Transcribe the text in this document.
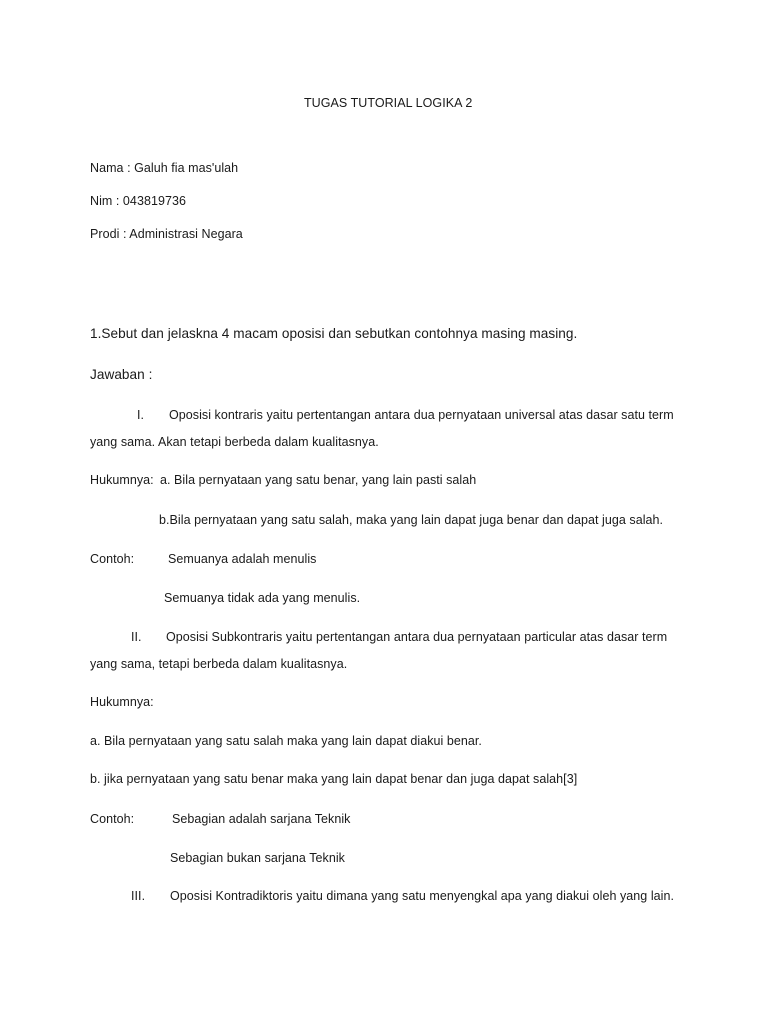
TUGAS TUTORIAL LOGIKA 2
Nama : Galuh fia mas'ulah
Nim : 043819736
Prodi : Administrasi Negara
1.Sebut dan jelaskna 4 macam oposisi dan sebutkan contohnya masing masing.
Jawaban :
I. Oposisi kontraris yaitu pertentangan antara dua pernyataan universal atas dasar satu term
yang sama. Akan tetapi berbeda dalam kualitasnya.
Hukumnya: a. Bila pernyataan yang satu benar, yang lain pasti salah
b.Bila pernyataan yang satu salah, maka yang lain dapat juga benar dan dapat juga salah.
Contoh:	Semuanya adalah menulis
Semuanya tidak ada yang menulis.
II. Oposisi Subkontraris yaitu pertentangan antara dua pernyataan particular atas dasar term
yang sama, tetapi berbeda dalam kualitasnya.
Hukumnya:
a. Bila pernyataan yang satu salah maka yang lain dapat diakui benar.
b. jika pernyataan yang satu benar maka yang lain dapat benar dan juga dapat salah[3]
Contoh:	Sebagian adalah sarjana Teknik
Sebagian bukan sarjana Teknik
III. Oposisi Kontradiktoris yaitu dimana yang satu menyengkal apa yang diakui oleh yang lain.
